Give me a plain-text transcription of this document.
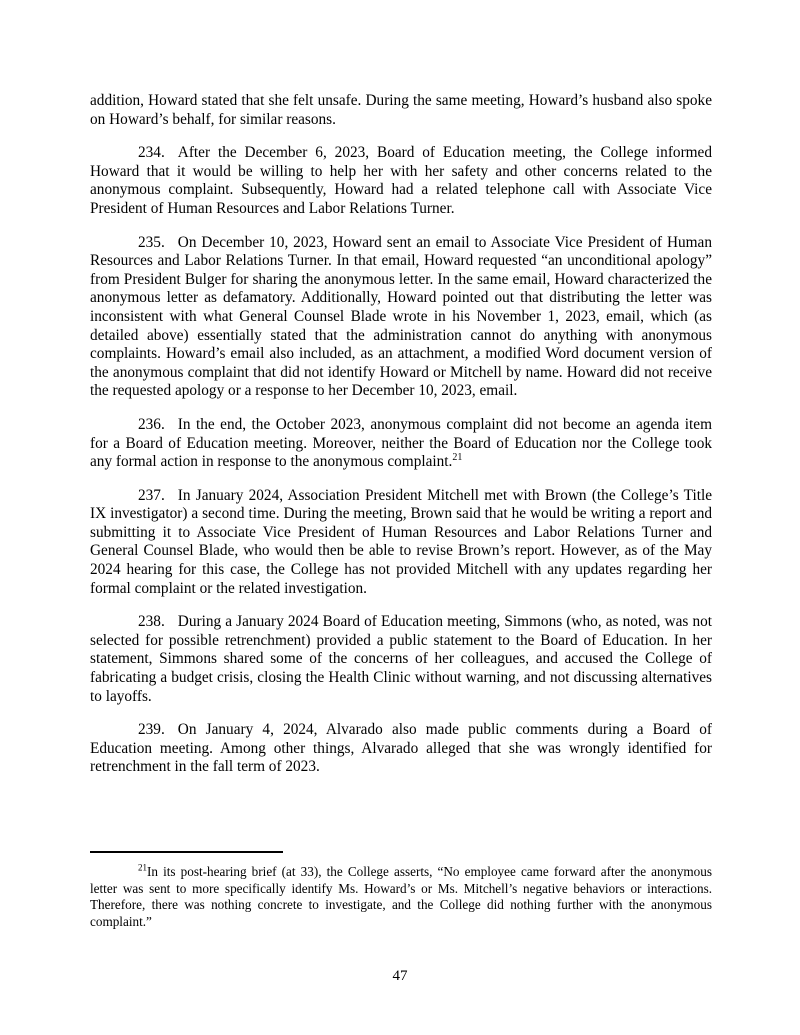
addition, Howard stated that she felt unsafe. During the same meeting, Howard’s husband also spoke on Howard’s behalf, for similar reasons.

234. After the December 6, 2023, Board of Education meeting, the College informed Howard that it would be willing to help her with her safety and other concerns related to the anonymous complaint. Subsequently, Howard had a related telephone call with Associate Vice President of Human Resources and Labor Relations Turner.

235. On December 10, 2023, Howard sent an email to Associate Vice President of Human Resources and Labor Relations Turner. In that email, Howard requested “an unconditional apology” from President Bulger for sharing the anonymous letter. In the same email, Howard characterized the anonymous letter as defamatory. Additionally, Howard pointed out that distributing the letter was inconsistent with what General Counsel Blade wrote in his November 1, 2023, email, which (as detailed above) essentially stated that the administration cannot do anything with anonymous complaints. Howard’s email also included, as an attachment, a modified Word document version of the anonymous complaint that did not identify Howard or Mitchell by name. Howard did not receive the requested apology or a response to her December 10, 2023, email.

236. In the end, the October 2023, anonymous complaint did not become an agenda item for a Board of Education meeting. Moreover, neither the Board of Education nor the College took any formal action in response to the anonymous complaint.$^{21}$

237. In January 2024, Association President Mitchell met with Brown (the College’s Title IX investigator) a second time. During the meeting, Brown said that he would be writing a report and submitting it to Associate Vice President of Human Resources and Labor Relations Turner and General Counsel Blade, who would then be able to revise Brown’s report. However, as of the May 2024 hearing for this case, the College has not provided Mitchell with any updates regarding her formal complaint or the related investigation.

238. During a January 2024 Board of Education meeting, Simmons (who, as noted, was not selected for possible retrenchment) provided a public statement to the Board of Education. In her statement, Simmons shared some of the concerns of her colleagues, and accused the College of fabricating a budget crisis, closing the Health Clinic without warning, and not discussing alternatives to layoffs.

239. On January 4, 2024, Alvarado also made public comments during a Board of Education meeting. Among other things, Alvarado alleged that she was wrongly identified for retrenchment in the fall term of 2023.

$^{21}$In its post-hearing brief (at 33), the College asserts, “No employee came forward after the anonymous letter was sent to more specifically identify Ms. Howard’s or Ms. Mitchell’s negative behaviors or interactions. Therefore, there was nothing concrete to investigate, and the College did nothing further with the anonymous complaint.”

47
